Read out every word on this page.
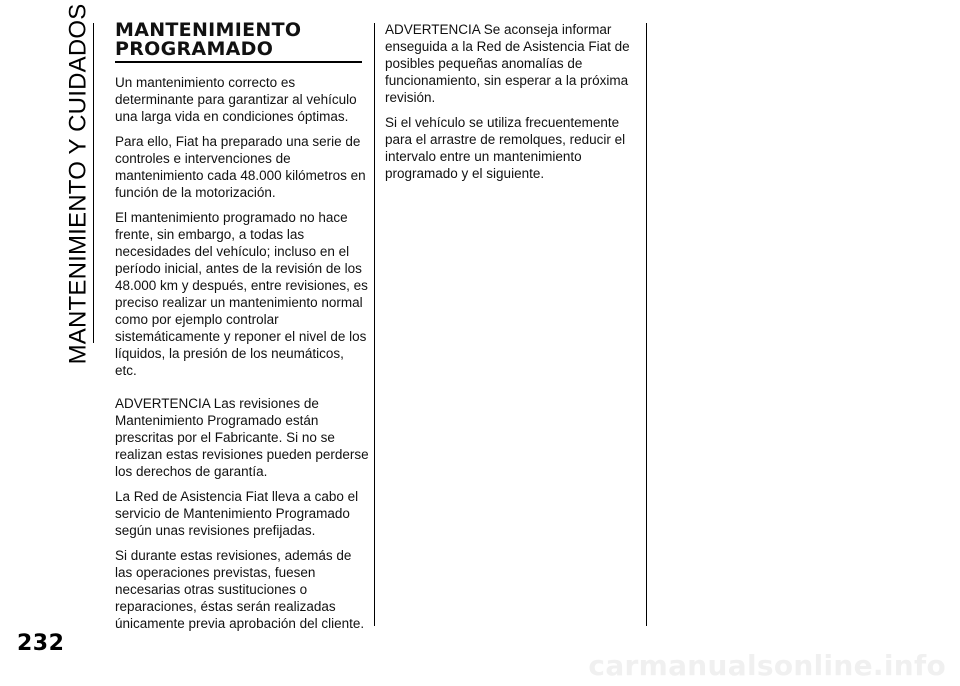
MANTENIMIENTO Y CUIDADOS MANTENIMIENTO
PROGRAMADO

Un mantenimiento correcto es determinante para garantizar al vehículo una larga vida en condiciones óptimas.

Para ello, Fiat ha preparado una serie de controles e intervenciones de mantenimiento cada 48.000 kilómetros en función de la motorización.

El mantenimiento programado no hace frente, sin embargo, a todas las necesidades del vehículo; incluso en el período inicial, antes de la revisión de los 48.000 km y después, entre revisiones, es preciso realizar un mantenimiento normal como por ejemplo controlar sistemáticamente y reponer el nivel de los líquidos, la presión de los neumáticos, etc.

ADVERTENCIA Las revisiones de Mantenimiento Programado están prescritas por el Fabricante. Si no se realizan estas revisiones pueden perderse los derechos de garantía.

La Red de Asistencia Fiat lleva a cabo el servicio de Mantenimiento Programado según unas revisiones prefijadas.

Si durante estas revisiones, además de las operaciones previstas, fuesen necesarias otras sustituciones o reparaciones, éstas serán realizadas únicamente previa aprobación del cliente.

ADVERTENCIA Se aconseja informar enseguida a la Red de Asistencia Fiat de posibles pequeñas anomalías de funcionamiento, sin esperar a la próxima revisión.

Si el vehículo se utiliza frecuentemente para el arrastre de remolques, reducir el intervalo entre un mantenimiento programado y el siguiente.

232
carmanualsonline.info
